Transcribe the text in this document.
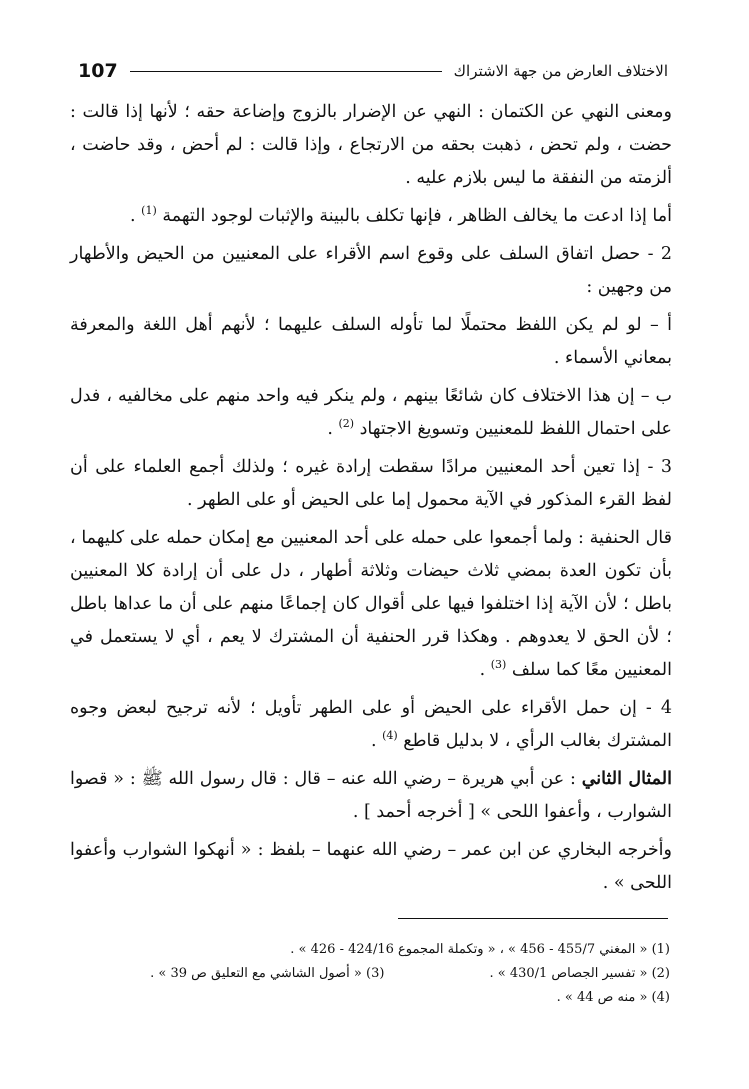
107	الاختلاف العارض من جهة الاشتراك
ومعنى النهي عن الكتمان : النهي عن الإضرار بالزوج وإضاعة حقه ؛ لأنها إذا قالت : حضت ، ولم تحض ، ذهبت بحقه من الارتجاع ، وإذا قالت : لم أحض ، وقد حاضت ، ألزمته من النفقة ما ليس بلازم عليه .
أما إذا ادعت ما يخالف الظاهر ، فإنها تكلف بالبينة والإثبات لوجود التهمة $^{(1)}$ .
2 - حصل اتفاق السلف على وقوع اسم الأقراء على المعنيين من الحيض والأطهار من وجهين :
أ – لو لم يكن اللفظ محتملًا لما تأوله السلف عليهما ؛ لأنهم أهل اللغة والمعرفة بمعاني الأسماء .
ب – إن هذا الاختلاف كان شائعًا بينهم ، ولم ينكر فيه واحد منهم على مخالفيه ، فدل على احتمال اللفظ للمعنيين وتسويغ الاجتهاد $^{(2)}$ .
3 - إذا تعين أحد المعنيين مرادًا سقطت إرادة غيره ؛ ولذلك أجمع العلماء على أن لفظ القرء المذكور في الآية محمول إما على الحيض أو على الطهر .
قال الحنفية : ولما أجمعوا على حمله على أحد المعنيين مع إمكان حمله على كليهما ، بأن تكون العدة بمضي ثلاث حيضات وثلاثة أطهار ، دل على أن إرادة كلا المعنيين باطل ؛ لأن الآية إذا اختلفوا فيها على أقوال كان إجماعًا منهم على أن ما عداها باطل ؛ لأن الحق لا يعدوهم . وهكذا قرر الحنفية أن المشترك لا يعم ، أي لا يستعمل في المعنيين معًا كما سلف $^{(3)}$ .
4 - إن حمل الأقراء على الحيض أو على الطهر تأويل ؛ لأنه ترجيح لبعض وجوه المشترك بغالب الرأي ، لا بدليل قاطع $^{(4)}$ .
المثال الثاني : عن أبي هريرة – رضي الله عنه – قال : قال رسول الله ﷺ : « قصوا الشوارب ، وأعفوا اللحى » [ أخرجه أحمد ] .
وأخرجه البخاري عن ابن عمر – رضي الله عنهما – بلفظ : « أنهكوا الشوارب وأعفوا اللحى » .
(1) « المغني 455/7 - 456 » ، « وتكملة المجموع 424/16 - 426 » .
(2) « تفسير الجصاص 430/1 » .
(3) « أصول الشاشي مع التعليق ص 39 » .
(4) « منه ص 44 » .
